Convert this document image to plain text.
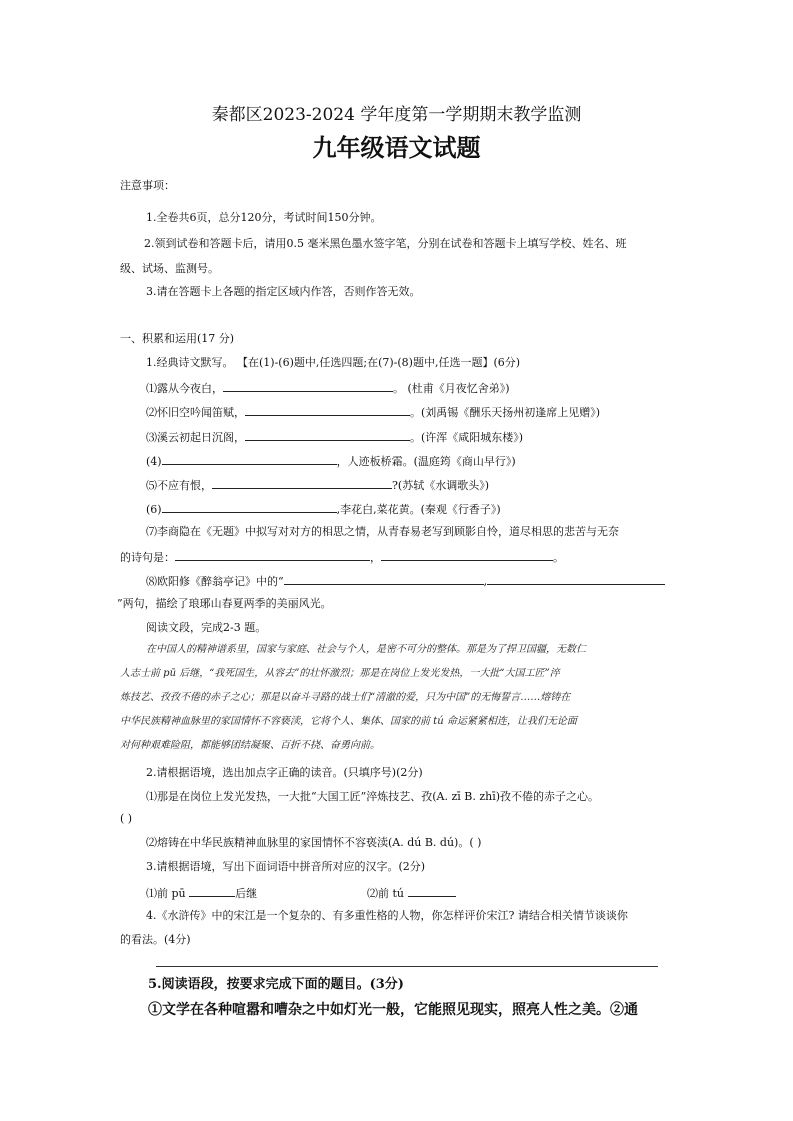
秦都区2023-2024 学年度第一学期期末教学监测
九年级语文试题
注意事项：
1.全卷共6页，总分120分，考试时间150分钟。
2.领到试卷和答题卡后，请用0.5 毫米黑色墨水签字笔，分别在试卷和答题卡上填写学校、姓名、班
级、试场、监测号。
3.请在答题卡上各题的指定区域内作答，否则作答无效。
一、积累和运用(17 分)
1.经典诗文默写。 【在(1)-(6)题中,任选四题;在(7)-(8)题中,任选一题】(6分)
⑴露从今夜白，	。 (杜甫《月夜忆舍弟》)
⑵怀旧空吟闻笛赋，	。(刘禹锡《酬乐天扬州初逢席上见赠》)
⑶溪云初起日沉阁，	。(许浑《咸阳城东楼》)
(4)	，人迹板桥霜。(温庭筠《商山早行》)
⑸不应有恨，	?(苏轼《水调歌头》)
(6)	,李花白,菜花黄。(秦观《行香子》)
⑺李商隐在《无题》中拟写对对方的相思之情，从青春易老写到顾影自怜，道尽相思的悲苦与无奈
的诗句是：	，	。
⑻欧阳修《醉翁亭记》中的“	,
”两句，描绘了琅琊山春夏两季的美丽风光。
阅读文段，完成2-3 题。
在中国人的精神谱系里，国家与家庭、社会与个人，是密不可分的整体。那是为了捍卫国疆，无数仁
人志士前 pū 后继，“我死国生，从容去”的壮怀激烈；那是在岗位上发光发热，一大批“大国工匠”淬
炼技艺、孜孜不倦的赤子之心；那是以奋斗寻路的战士们“清澈的爱，只为中国”的无悔誓言……熔铸在
中华民族精神血脉里的家国情怀不容亵渎，它将个人、集体、国家的前 tú 命运紧紧相连，让我们无论面
对何种艰难险阻，都能够团结凝聚、百折不挠、奋勇向前。
2.请根据语境，选出加点字正确的读音。(只填序号)(2分)
⑴那是在岗位上发光发热，一大批“大国工匠”淬炼技艺、孜(A. zī B. zhī)孜不倦的赤子之心。
( )
⑵熔铸在中华民族精神血脉里的家国情怀不容亵渎(A. dú B. dú)。( )
3.请根据语境，写出下面词语中拼音所对应的汉字。(2分)
⑴前 pū	后继	⑵前 tú
4.《水浒传》中的宋江是一个复杂的、有多重性格的人物，你怎样评价宋江? 请结合相关情节谈谈你
的看法。(4分)
5.阅读语段，按要求完成下面的题目。(3分)
①文学在各种喧嚣和嘈杂之中如灯光一般，它能照见现实，照亮人性之美。②通
